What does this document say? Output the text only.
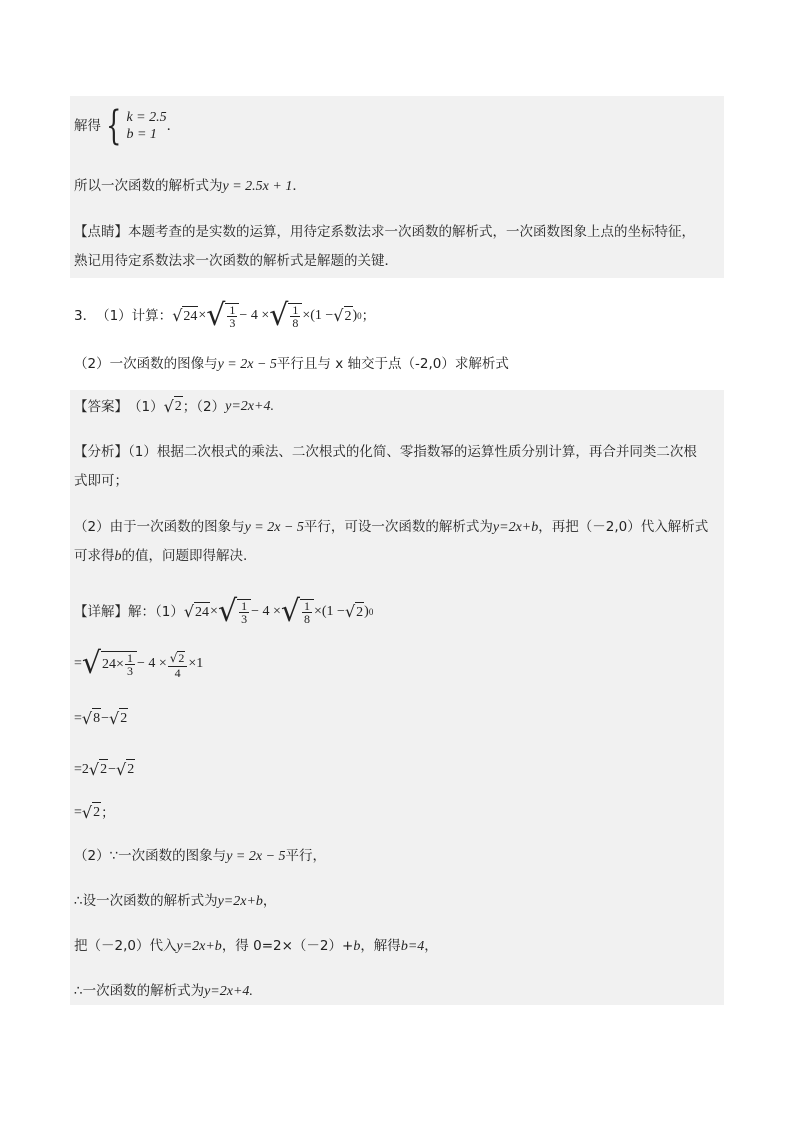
解得 { k = 2.5
b = 1
．
所以一次函数的解析式为y = 2.5x + 1．
【点睛】本题考查的是实数的运算，用待定系数法求一次函数的解析式，一次函数图象上点的坐标特征，
熟记用待定系数法求一次函数的解析式是解题的关键．
3． （1）计算： √ 24 × √ $\frac{1}{3} - 4$ × √ $\frac{1}{8} \times(1$ − √ 2 ) 0 ；
（2）一次函数的图像与y = 2x − 5平行且与 x 轴交于点（-2,0）求解析式
【答案】 （1） √ 2 ；（2） y=2x+4.
【分析】（1）根据二次根式的乘法、二次根式的化简、零指数幂的运算性质分别计算，再合并同类二次根
式即可；
（2）由于一次函数的图象与y = 2x − 5平行，可设一次函数的解析式为y=2x+b，再把（－2,0）代入解析式
可求得b的值，问题即得解决.
【详解】 解：（1） √ 24 × √ $\frac{1}{3} - 4$ × √ $\frac{1}{8} \times(1$ − √ 2 ) 0
= √ $24 \times \frac{1}{3} - 4 \times \frac{√ 2}{4} \times 1$
= √ 8 − √ 2
= 2 √ 2 − √ 2
= √ 2 ；
（2）∵一次函数的图象与y = 2x − 5平行，
∴设一次函数的解析式为y=2x+b，
把（－2,0）代入y=2x+b，得 0=2×（－2）+b，解得b=4，
∴一次函数的解析式为y=2x+4.
